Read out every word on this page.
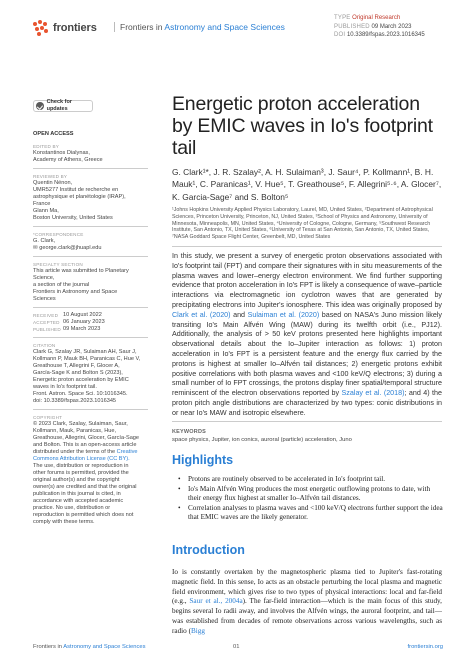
frontiers	Frontiers in Astronomy and Space Sciences
TYPE Original Research
PUBLISHED 09 March 2023
DOI 10.3389/fspas.2023.1016345
Check for updates
OPEN ACCESS
EDITED BY
Konstantinos Dialynas,
Academy of Athens, Greece
REVIEWED BY
Quentin Nénon,
UMR5277 Institut de recherche en
astrophysique et planétologie (IRAP),
France
Glann Ma,
Boston University, United States
*CORRESPONDENCE
G. Clark,
✉ george.clark@jhuapl.edu
SPECIALTY SECTION
This article was submitted to Planetary
Science,
a section of the journal
Frontiers in Astronomy and Space
Sciences
RECEIVED 10 August 2022
ACCEPTED 06 January 2023
PUBLISHED 09 March 2023
CITATION
Clark G, Szalay JR, Sulaiman AH, Saur J,
Kollmann P, Mauk BH, Paranicas C, Hue V,
Greathouse T, Allegrini F, Glocer A,
García-Sage K and Bolton S (2023),
Energetic proton acceleration by EMIC
waves in Io's footprint tail.
Front. Astron. Space Sci. 10:1016345.
doi: 10.3389/fspas.2023.1016345
COPYRIGHT
© 2023 Clark, Szalay, Sulaiman, Saur,
Kollmann, Mauk, Paranicas, Hue,
Greathouse, Allegrini, Glocer, García-Sage
and Bolton. This is an open-access article
distributed under the terms of the Creative
Commons Attribution License (CC BY).
The use, distribution or reproduction in
other forums is permitted, provided the
original author(s) and the copyright
owner(s) are credited and that the original
publication in this journal is cited, in
accordance with accepted academic
practice. No use, distribution or
reproduction is permitted which does not
comply with these terms.
Energetic proton acceleration by EMIC waves in Io's footprint tail
G. Clark¹*, J. R. Szalay², A. H. Sulaiman³, J. Saur⁴, P. Kollmann¹, B. H. Mauk¹, C. Paranicas¹, V. Hue⁵, T. Greathouse⁵, F. Allegrini⁵·⁶, A. Glocer⁷, K. Garcia-Sage⁷ and S. Bolton⁵
¹Johns Hopkins University Applied Physics Laboratory, Laurel, MD, United States, ²Department of Astrophysical Sciences, Princeton University, Princeton, NJ, United States, ³School of Physics and Astronomy, University of Minnesota, Minneapolis, MN, United States, ⁴University of Cologne, Cologne, Germany, ⁵Southwest Research Institute, San Antonio, TX, United States, ⁶University of Texas at San Antonio, San Antonio, TX, United States, ⁷NASA Goddard Space Flight Center, Greenbelt, MD, United States
In this study, we present a survey of energetic proton observations associated with Io's footprint tail (FPT) and compare their signatures with in situ measurements of the plasma waves and lower–energy electron environment. We find further supporting evidence that proton acceleration in Io's FPT is likely a consequence of wave–particle interactions via electromagnetic ion cyclotron waves that are generated by precipitating electrons into Jupiter's ionosphere. This idea was originally proposed by Clark et al. (2020) and Sulaiman et al. (2020) based on NASA's Juno mission likely transiting Io's Main Alfvén Wing (MAW) during its twelfth orbit (i.e., PJ12). Additionally, the analysis of > 50 keV protons presented here highlights important observational details about the Io–Jupiter interaction as follows: 1) proton acceleration in Io's FPT is a persistent feature and the energy flux carried by the protons is highest at smaller Io–Alfvén tail distances; 2) energetic protons exhibit positive correlations with both plasma waves and <100 keV/Q electrons; 3) during a small number of Io FPT crossings, the protons display finer spatial/temporal structure reminiscent of the electron observations reported by Szalay et al. (2018); and 4) the proton pitch angle distributions are characterized by two types: conic distributions in or near Io's MAW and isotropic elsewhere.
KEYWORDS
space physics, Jupiter, ion conics, auroral (particle) acceleration, Juno
Highlights
• Protons are routinely observed to be accelerated in Io's footprint tail.
• Io's Main Alfvén Wing produces the most energetic outflowing protons to date, with their energy flux highest at smaller Io–Alfvén tail distances.
• Correlation analyses to plasma waves and <100 keV/Q electrons further support the idea that EMIC waves are the likely generator.
Introduction
Io is constantly overtaken by the magnetospheric plasma tied to Jupiter's fast-rotating magnetic field. In this sense, Io acts as an obstacle perturbing the local plasma and magnetic field environment, which gives rise to two types of physical interactions: local and far-field (e.g., Saur et al., 2004a). The far-field interaction—which is the main focus of this study, begins several Io radii away, and involves the Alfvén wings, the auroral footprint, and tail—was established from decades of remote observations across various wavelengths, such as radio (Bigg
Frontiers in Astronomy and Space Sciences	01	frontiersin.org
